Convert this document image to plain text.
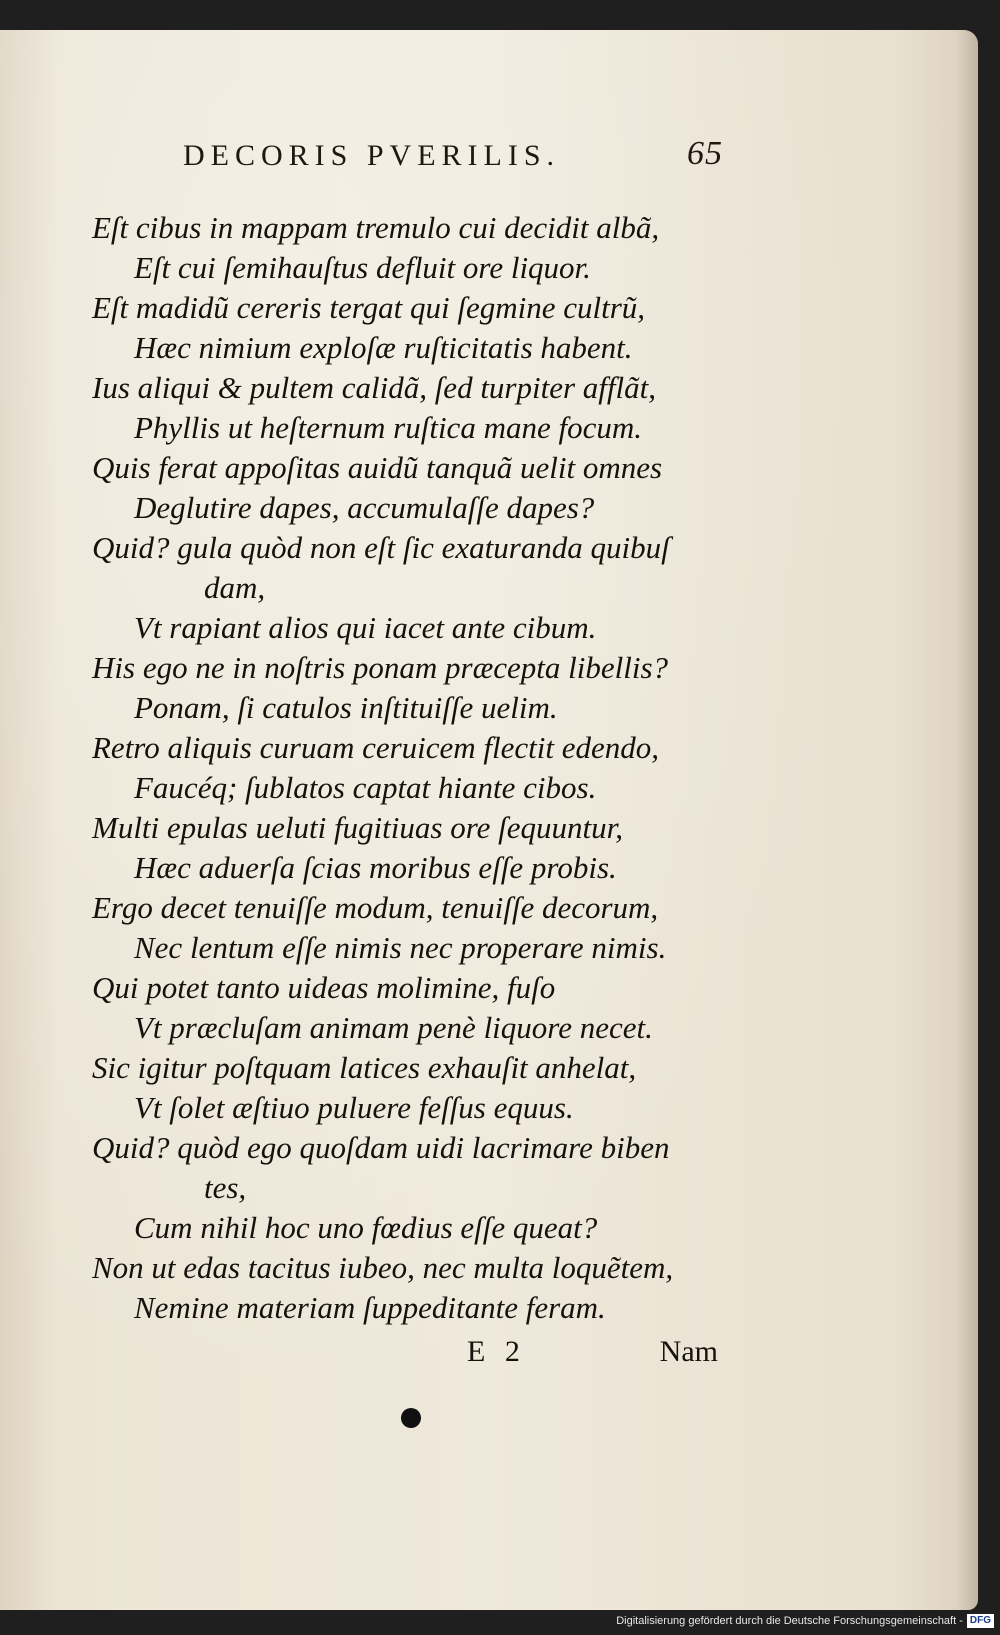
DECORIS PVERILIS.	65
Eſt cibus in mappam tremulo cui decidit albã,
Eſt cui ſemihauſtus defluit ore liquor.
Eſt madidũ cereris tergat qui ſegmine cultrũ,
Hæc nimium exploſæ ruſticitatis habent.
Ius aliqui & pultem calidã, ſed turpiter afflãt,
Phyllis ut heſternum ruſtica mane focum.
Quis ferat appoſitas auidũ tanquã uelit omnes
Deglutire dapes, accumulaſſe dapes?
Quid? gula quòd non eſt ſic exaturanda quibuſ
dam,
Vt rapiant alios qui iacet ante cibum.
His ego ne in noſtris ponam præcepta libellis?
Ponam, ſi catulos inſtituiſſe uelim.
Retro aliquis curuam ceruicem flectit edendo,
Faucéq; ſublatos captat hiante cibos.
Multi epulas ueluti fugitiuas ore ſequuntur,
Hæc aduerſa ſcias moribus eſſe probis.
Ergo decet tenuiſſe modum, tenuiſſe decorum,
Nec lentum eſſe nimis nec properare nimis.
Qui potet tanto uideas molimine, fuſo
Vt præcluſam animam penè liquore necet.
Sic igitur poſtquam latices exhauſit anhelat,
Vt ſolet æſtiuo puluere feſſus equus.
Quid? quòd ego quoſdam uidi lacrimare biben
tes,
Cum nihil hoc uno fœdius eſſe queat?
Non ut edas tacitus iubeo, nec multa loquẽtem,
Nemine materiam ſuppeditante feram.
E 2	Nam
Digitalisierung gefördert durch die Deutsche Forschungsgemeinschaft - DFG
